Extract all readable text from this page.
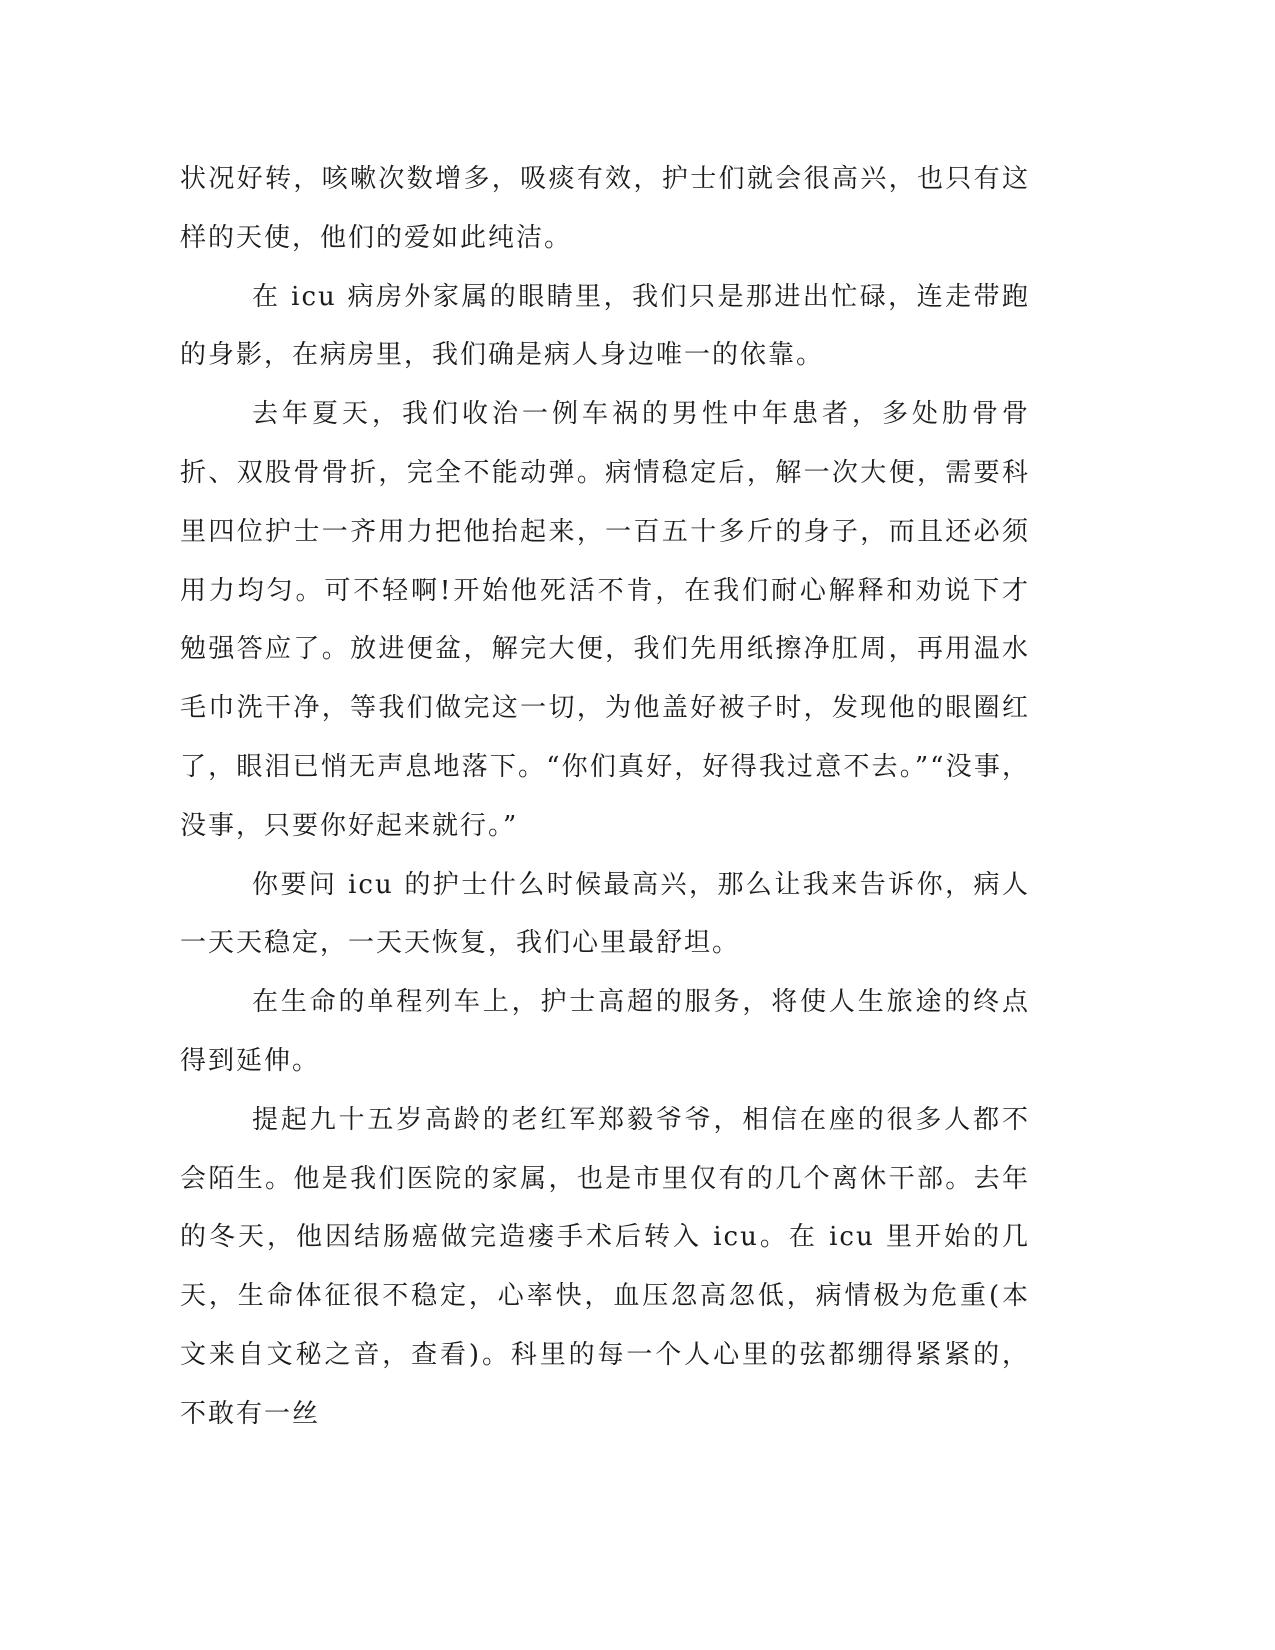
状况好转，咳嗽次数增多，吸痰有效，护士们就会很高兴，也只有这样的天使，他们的爱如此纯洁。

在 icu 病房外家属的眼睛里，我们只是那进出忙碌，连走带跑的身影，在病房里，我们确是病人身边唯一的依靠。

去年夏天，我们收治一例车祸的男性中年患者，多处肋骨骨折、双股骨骨折，完全不能动弹。病情稳定后，解一次大便，需要科里四位护士一齐用力把他抬起来，一百五十多斤的身子，而且还必须用力均匀。可不轻啊!开始他死活不肯，在我们耐心解释和劝说下才勉强答应了。放进便盆，解完大便，我们先用纸擦净肛周，再用温水毛巾洗干净，等我们做完这一切，为他盖好被子时，发现他的眼圈红了，眼泪已悄无声息地落下。“你们真好，好得我过意不去。”“没事，没事，只要你好起来就行。”

你要问 icu 的护士什么时候最高兴，那么让我来告诉你，病人一天天稳定，一天天恢复，我们心里最舒坦。

在生命的单程列车上，护士高超的服务，将使人生旅途的终点得到延伸。

提起九十五岁高龄的老红军郑毅爷爷，相信在座的很多人都不会陌生。他是我们医院的家属，也是市里仅有的几个离休干部。去年的冬天，他因结肠癌做完造瘘手术后转入 icu。在 icu 里开始的几天，生命体征很不稳定，心率快，血压忽高忽低，病情极为危重(本文来自文秘之音，查看)。科里的每一个人心里的弦都绷得紧紧的，不敢有一丝
